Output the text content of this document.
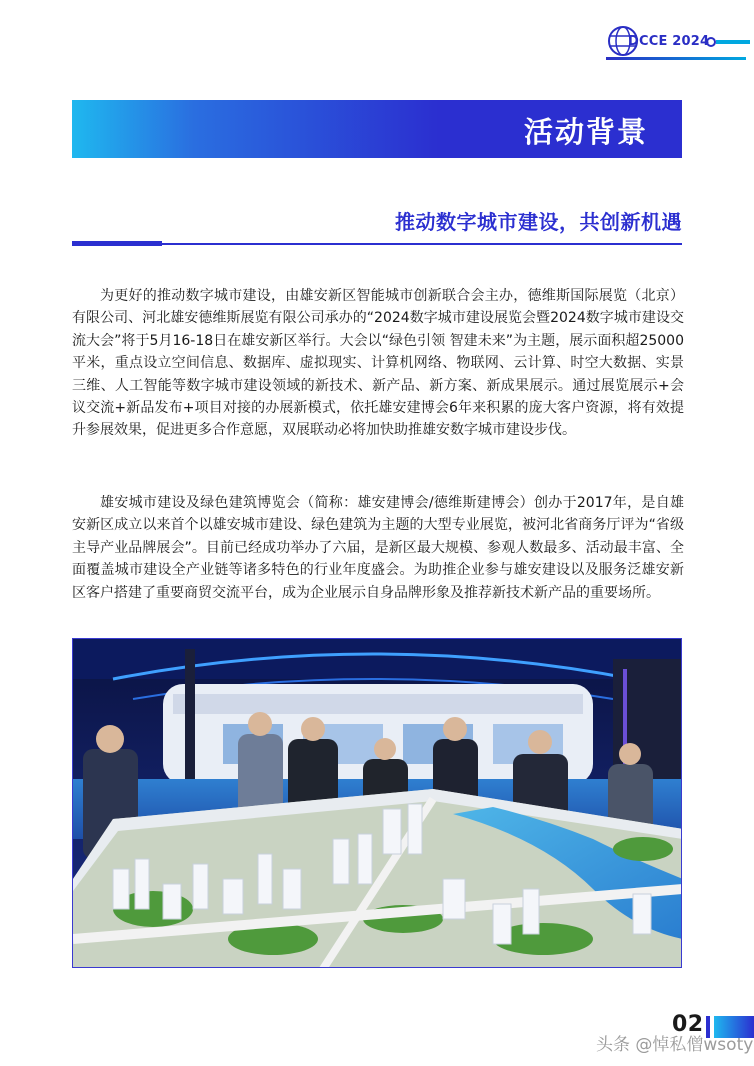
DCCE 2024
活动背景
推动数字城市建设，共创新机遇

为更好的推动数字城市建设，由雄安新区智能城市创新联合会主办，德维斯国际展览（北京）有限公司、河北雄安德维斯展览有限公司承办的“2024数字城市建设展览会暨2024数字城市建设交流大会”将于5月16-18日在雄安新区举行。大会以“绿色引领 智建未来”为主题，展示面积超25000平米，重点设立空间信息、数据库、虚拟现实、计算机网络、物联网、云计算、时空大数据、实景三维、人工智能等数字城市建设领域的新技术、新产品、新方案、新成果展示。通过展览展示+会议交流+新品发布+项目对接的办展新模式，依托雄安建博会6年来积累的庞大客户资源，将有效提升参展效果，促进更多合作意愿，双展联动必将加快助推雄安数字城市建设步伐。

雄安城市建设及绿色建筑博览会（简称：雄安建博会/德维斯建博会）创办于2017年，是自雄安新区成立以来首个以雄安城市建设、绿色建筑为主题的大型专业展览，被河北省商务厅评为“省级主导产业品牌展会”。目前已经成功举办了六届，是新区最大规模、参观人数最多、活动最丰富、全面覆盖城市建设全产业链等诸多特色的行业年度盛会。为助推企业参与雄安建设以及服务泛雄安新区客户搭建了重要商贸交流平台，成为企业展示自身品牌形象及推荐新技术新产品的重要场所。

02
头条 @悼私僧wsoty
